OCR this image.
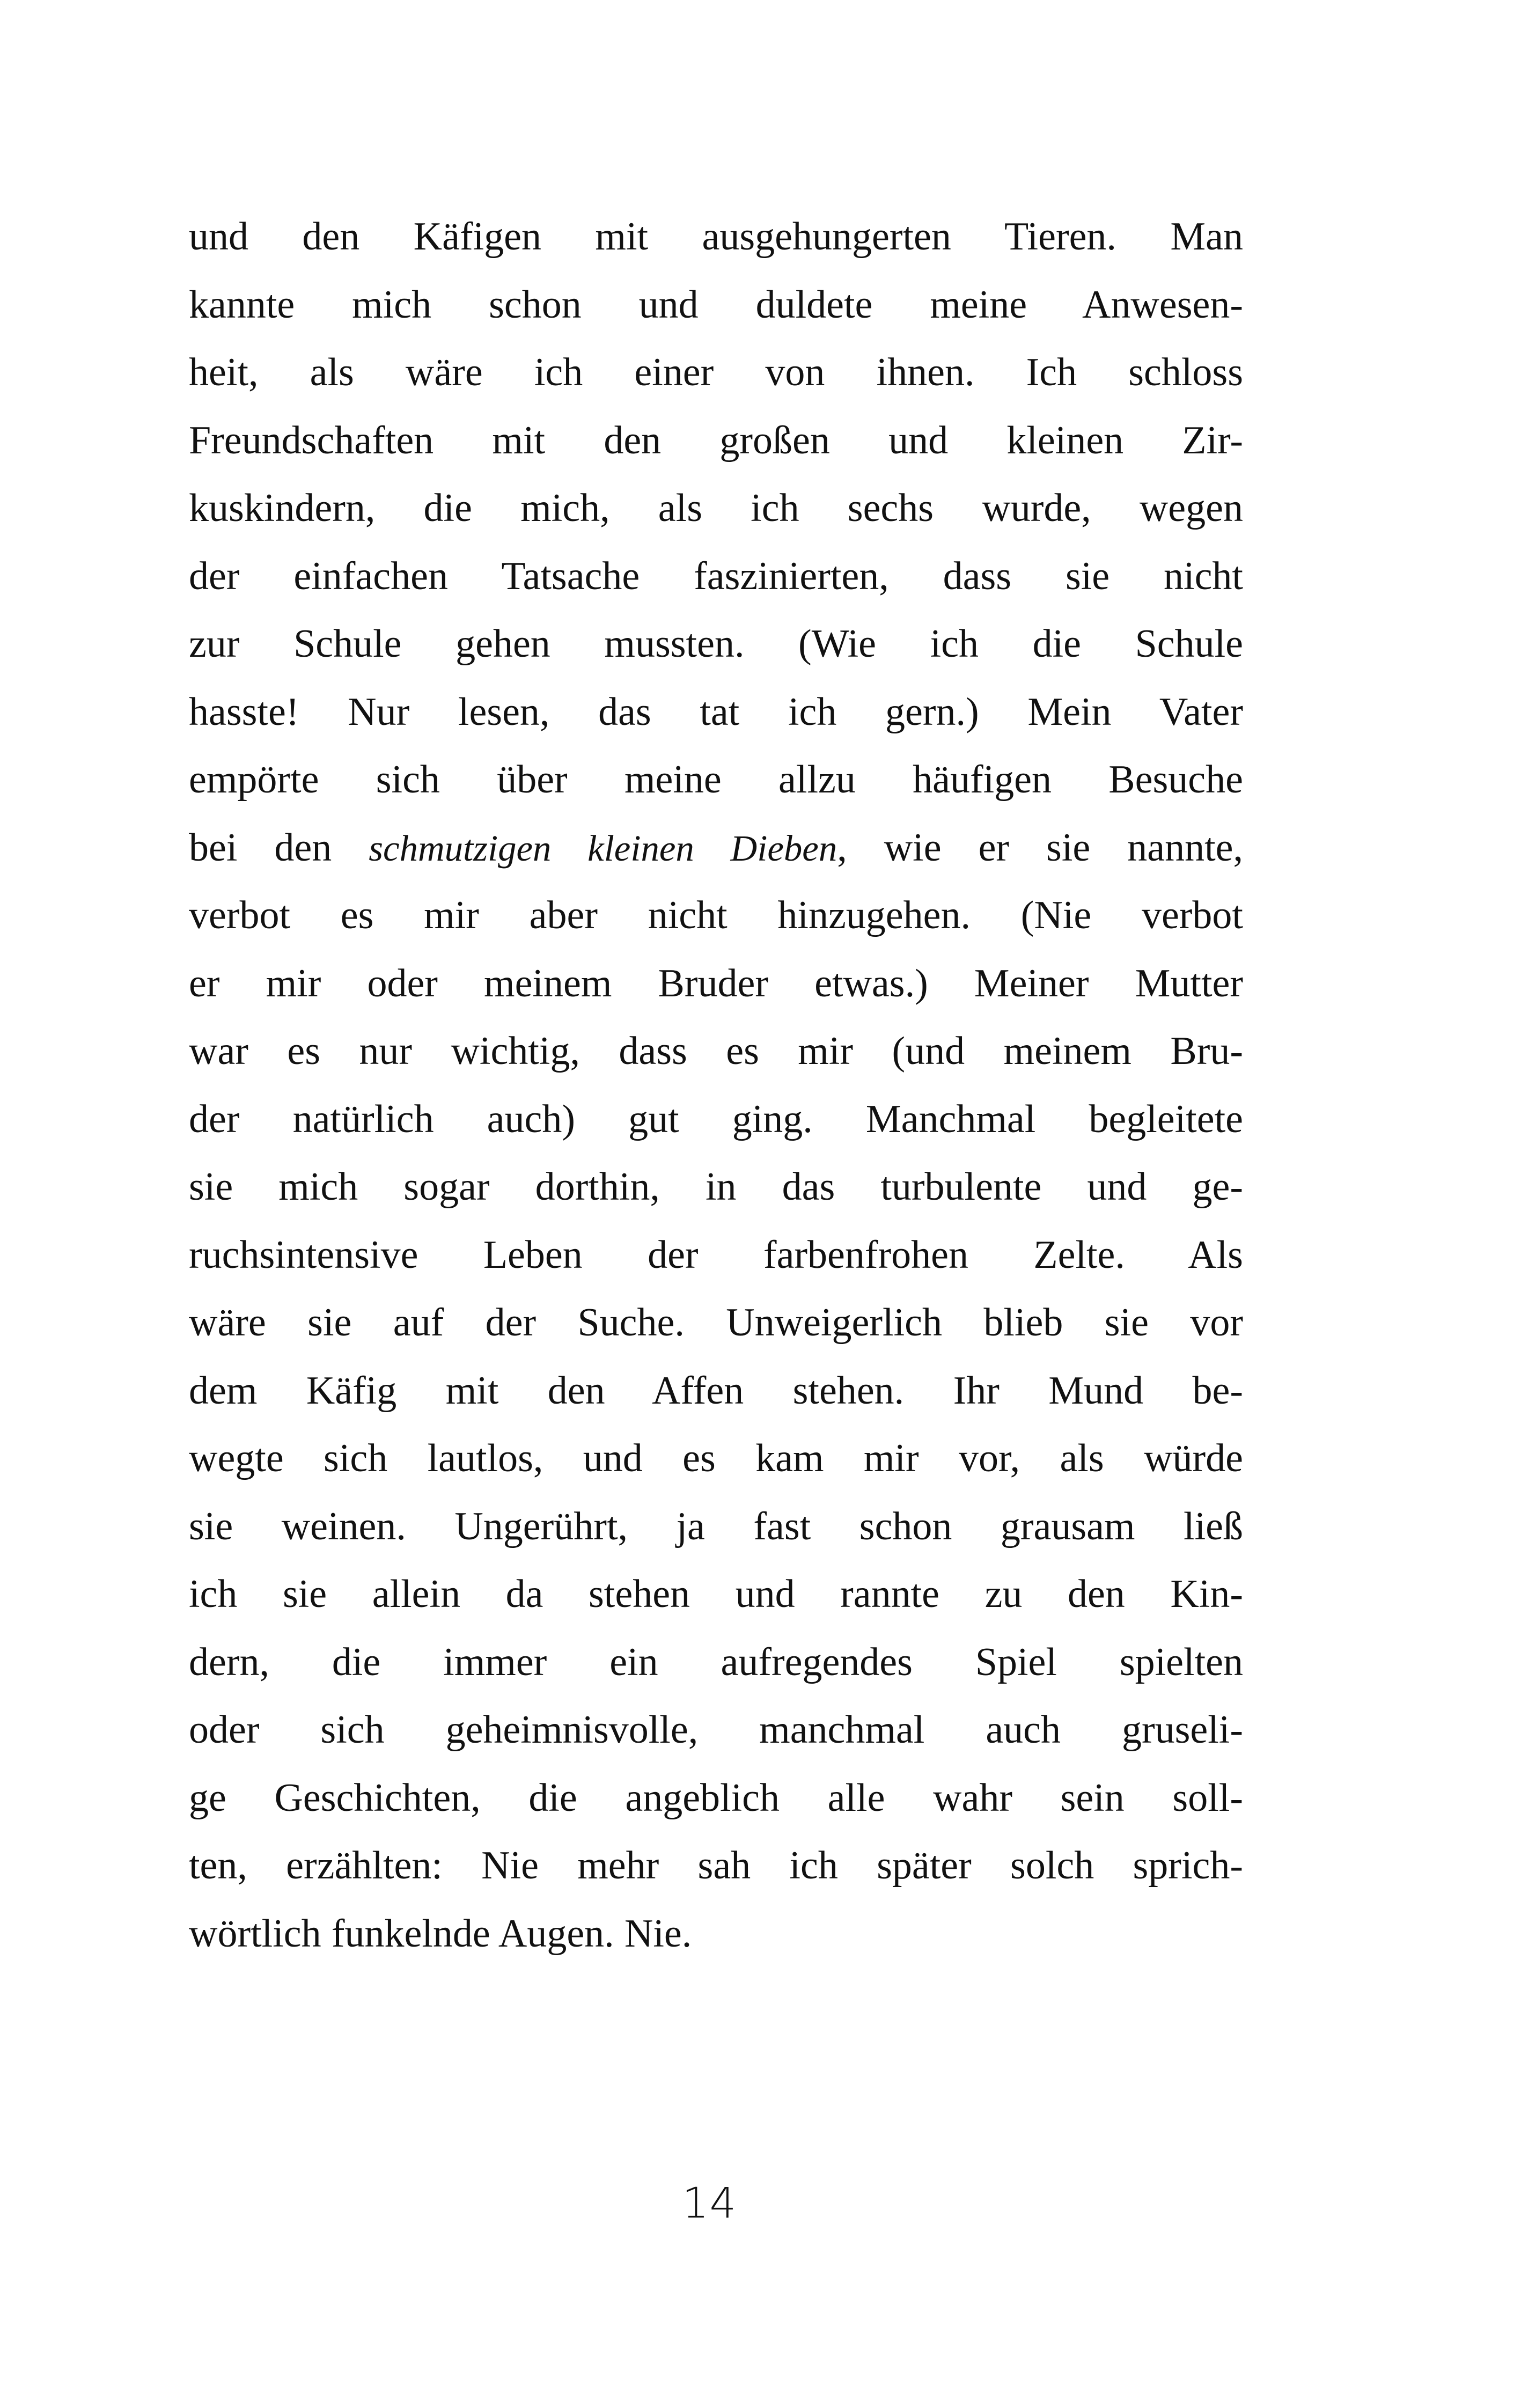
und den Käfigen mit ausgehungerten Tieren. Man
kannte mich schon und duldete meine Anwesen-
heit, als wäre ich einer von ihnen. Ich schloss
Freundschaften mit den großen und kleinen Zir-
kuskindern, die mich, als ich sechs wurde, wegen
der einfachen Tatsache faszinierten, dass sie nicht
zur Schule gehen mussten. (Wie ich die Schule
hasste! Nur lesen, das tat ich gern.) Mein Vater
empörte sich über meine allzu häufigen Besuche
bei den schmutzigen kleinen Dieben, wie er sie nannte,
verbot es mir aber nicht hinzugehen. (Nie verbot
er mir oder meinem Bruder etwas.) Meiner Mutter
war es nur wichtig, dass es mir (und meinem Bru-
der natürlich auch) gut ging. Manchmal begleitete
sie mich sogar dorthin, in das turbulente und ge-
ruchsintensive Leben der farbenfrohen Zelte. Als
wäre sie auf der Suche. Unweigerlich blieb sie vor
dem Käfig mit den Affen stehen. Ihr Mund be-
wegte sich lautlos, und es kam mir vor, als würde
sie weinen. Ungerührt, ja fast schon grausam ließ
ich sie allein da stehen und rannte zu den Kin-
dern, die immer ein aufregendes Spiel spielten
oder sich geheimnisvolle, manchmal auch gruseli-
ge Geschichten, die angeblich alle wahr sein soll-
ten, erzählten: Nie mehr sah ich später solch sprich-
wörtlich funkelnde Augen. Nie.

14
